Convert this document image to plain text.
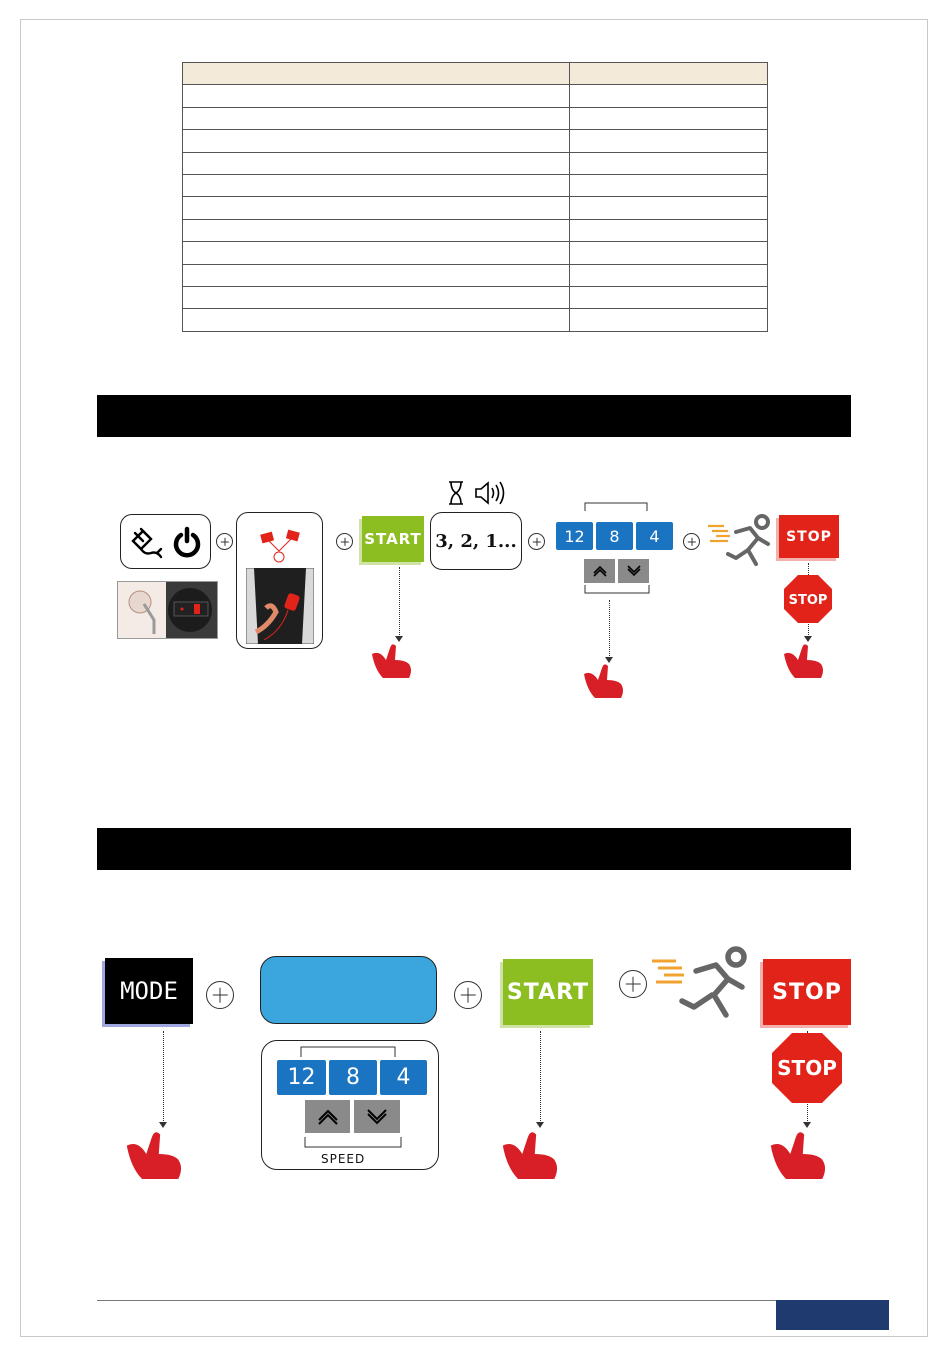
START 3, 2, 1...	12	8	4	STOP
STOP
MODE
12	8	4
SPEED
START	STOP
STOP
